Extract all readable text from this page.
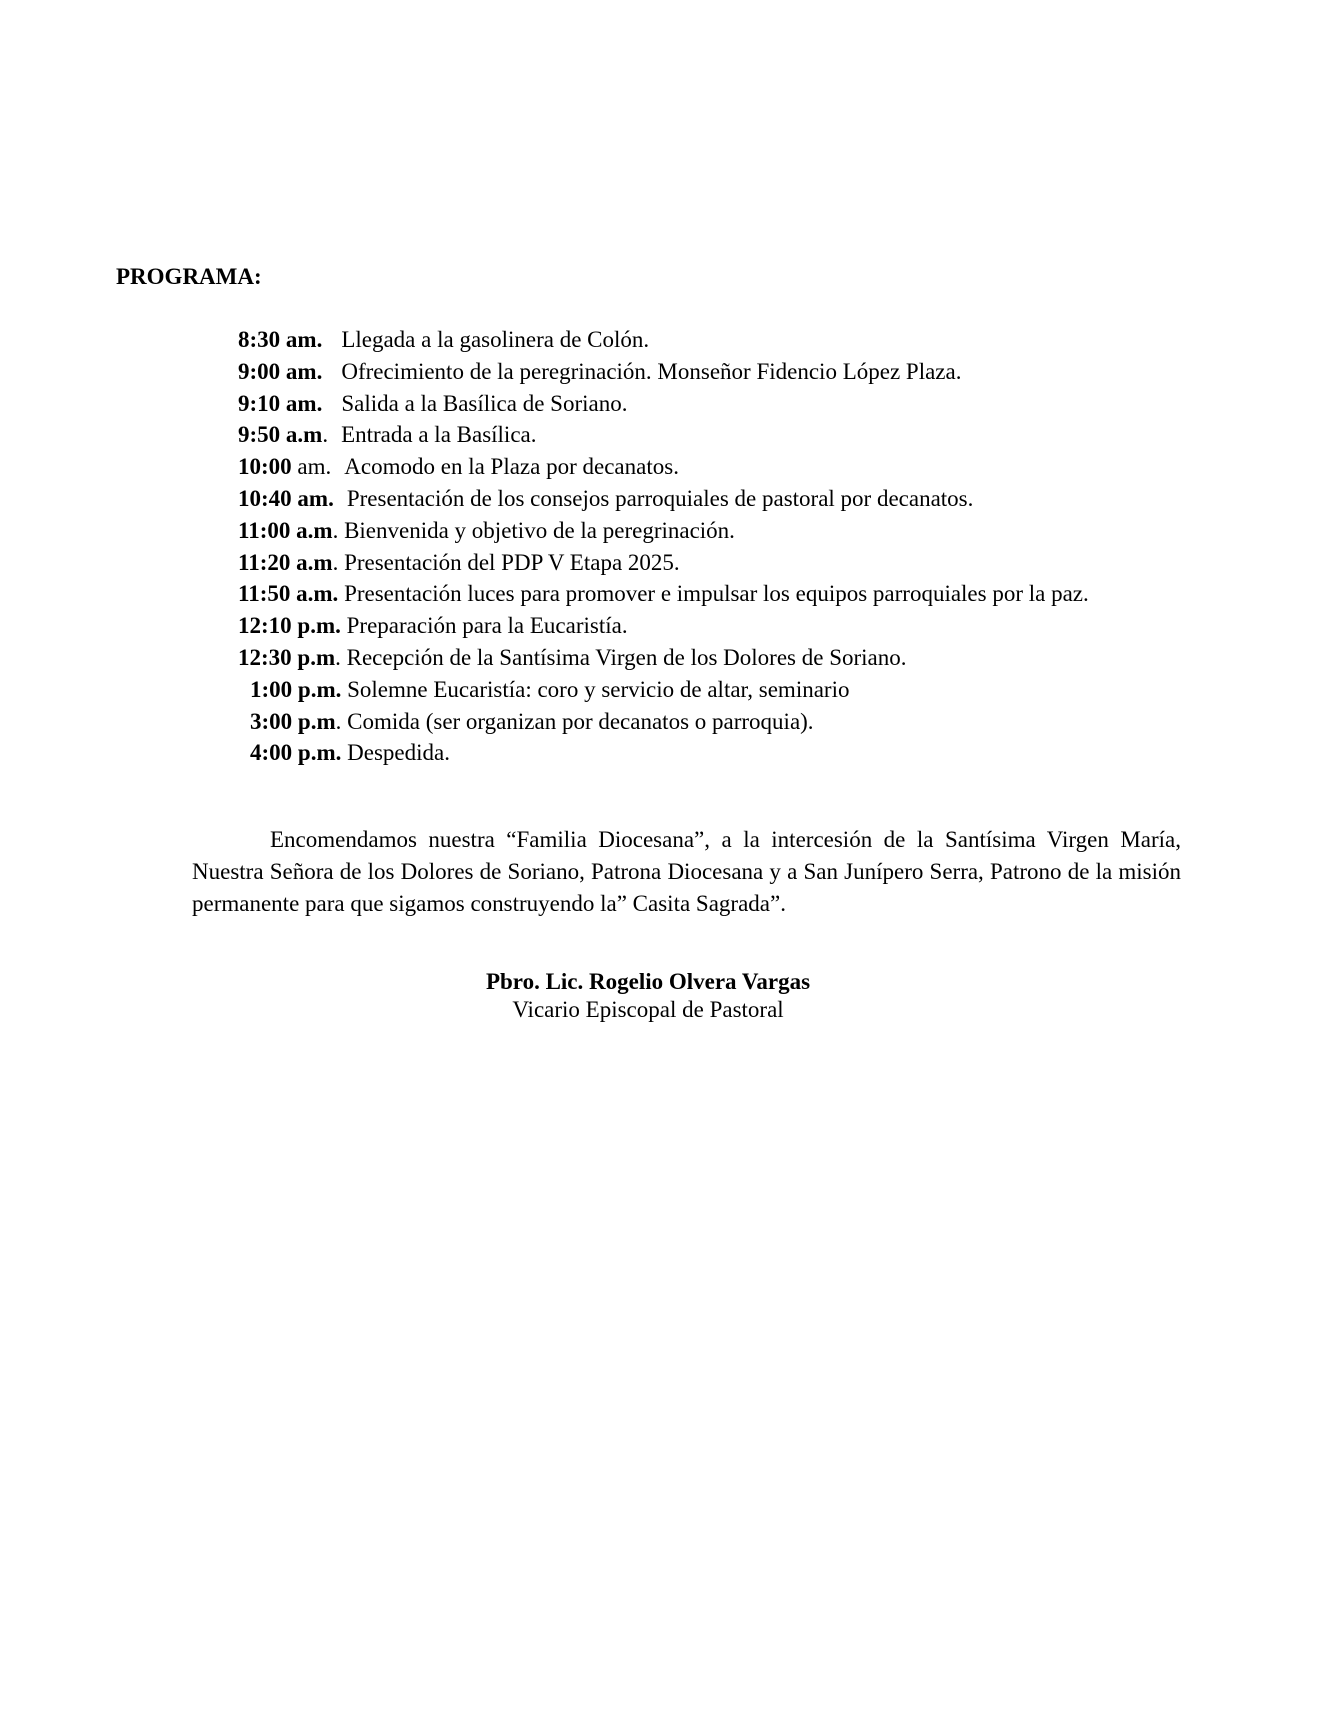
PROGRAMA:

8:30 am. Llegada a la gasolinera de Colón.
9:00 am. Ofrecimiento de la peregrinación. Monseñor Fidencio López Plaza.
9:10 am. Salida a la Basílica de Soriano.
9:50 a.m. Entrada a la Basílica.
10:00 am. Acomodo en la Plaza por decanatos.
10:40 am. Presentación de los consejos parroquiales de pastoral por decanatos.
11:00 a.m. Bienvenida y objetivo de la peregrinación.
11:20 a.m. Presentación del PDP V Etapa 2025.
11:50 a.m. Presentación luces para promover e impulsar los equipos parroquiales por la paz.
12:10 p.m. Preparación para la Eucaristía.
12:30 p.m. Recepción de la Santísima Virgen de los Dolores de Soriano.
1:00 p.m. Solemne Eucaristía: coro y servicio de altar, seminario
3:00 p.m. Comida (ser organizan por decanatos o parroquia).
4:00 p.m. Despedida.

Encomendamos nuestra “Familia Diocesana”, a la intercesión de la Santísima Virgen María, Nuestra Señora de los Dolores de Soriano, Patrona Diocesana y a San Junípero Serra, Patrono de la misión permanente para que sigamos construyendo la” Casita Sagrada”.

Pbro. Lic. Rogelio Olvera Vargas

Vicario Episcopal de Pastoral
